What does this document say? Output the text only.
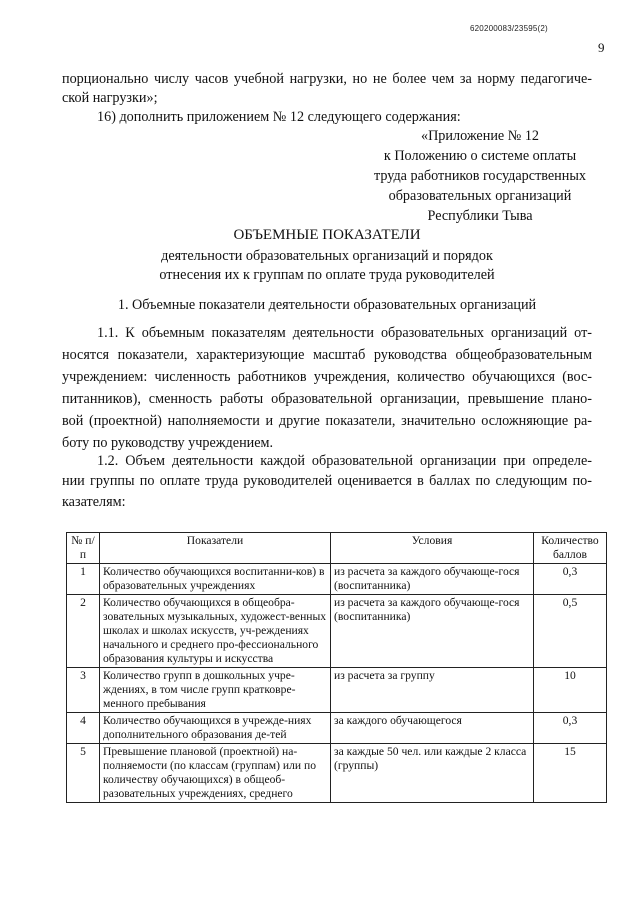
620200083/23595(2)
9
порционально числу часов учебной нагрузки, но не более чем за норму педагогиче-
ской нагрузки»;
16) дополнить приложением № 12 следующего содержания:
«Приложение № 12
к Положению о системе оплаты
труда работников государственных
образовательных организаций
Республики Тыва
ОБЪЕМНЫЕ ПОКАЗАТЕЛИ
деятельности образовательных организаций и порядок
отнесения их к группам по оплате труда руководителей
1. Объемные показатели деятельности образовательных организаций
1.1. К объемным показателям деятельности образовательных организаций от-
носятся показатели, характеризующие масштаб руководства общеобразовательным
учреждением: численность работников учреждения, количество обучающихся (вос-
питанников), сменность работы образовательной организации, превышение плано-
вой (проектной) наполняемости и другие показатели, значительно осложняющие ра-
боту по руководству учреждением.
1.2. Объем деятельности каждой образовательной организации при определе-
нии группы по оплате труда руководителей оценивается в баллах по следующим по-
казателям:
№ п/п	Показатели	Условия	Количество баллов
1	Количество обучающихся воспитанни-ков) в образовательных учреждениях	из расчета за каждого обучающе-гося (воспитанника)	0,3
2	Количество обучающихся в общеобра-зовательных музыкальных, художест-венных школах и школах искусств, уч-реждениях начального и среднего про-фессионального образования культуры и искусства	из расчета за каждого обучающе-гося (воспитанника)	0,5
3	Количество групп в дошкольных учре-ждениях, в том числе групп кратковре-менного пребывания	из расчета за группу	10
4	Количество обучающихся в учрежде-ниях дополнительного образования де-тей	за каждого обучающегося	0,3
5	Превышение плановой (проектной) на-полняемости (по классам (группам) или по количеству обучающихся) в общеоб-разовательных учреждениях, среднего	за каждые 50 чел. или каждые 2 класса (группы)	15
